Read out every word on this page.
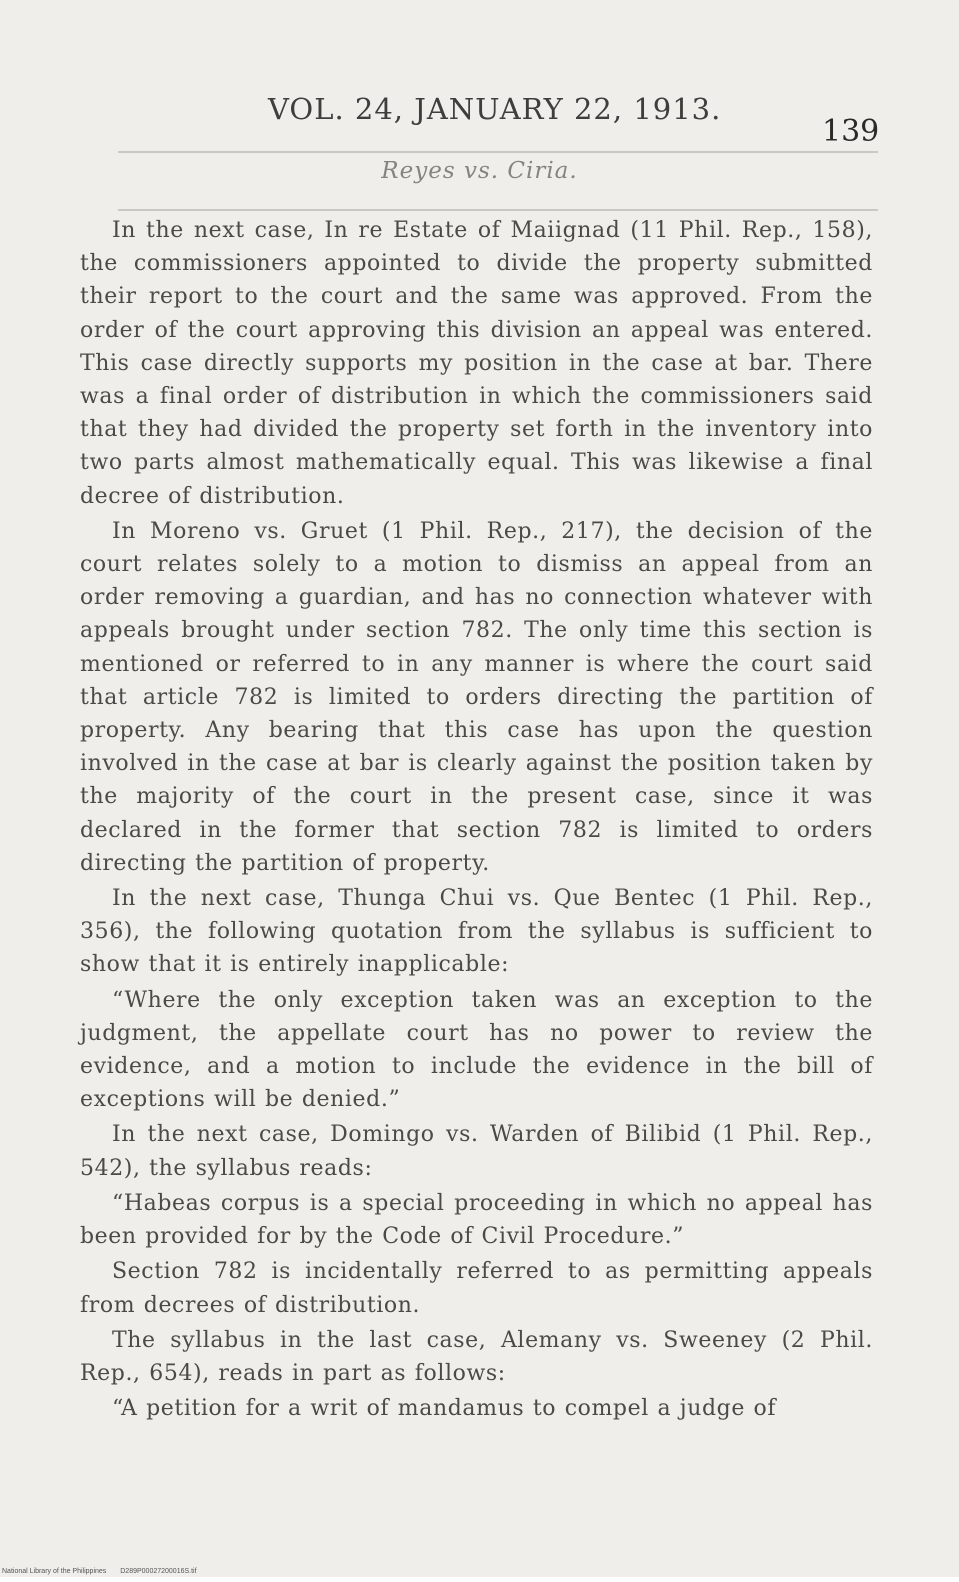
VOL. 24, JANUARY 22, 1913.
139
Reyes vs. Ciria.

In the next case, In re Estate of Maiignad (11 Phil. Rep., 158), the commissioners appointed to divide the property submitted their report to the court and the same was approved. From the order of the court approving this division an appeal was entered. This case directly supports my position in the case at bar. There was a final order of distribution in which the commissioners said that they had divided the property set forth in the inventory into two parts almost mathematically equal. This was likewise a final decree of distribution.

In Moreno vs. Gruet (1 Phil. Rep., 217), the decision of the court relates solely to a motion to dismiss an appeal from an order removing a guardian, and has no connection whatever with appeals brought under section 782. The only time this section is mentioned or referred to in any manner is where the court said that article 782 is limited to orders directing the partition of property. Any bearing that this case has upon the question involved in the case at bar is clearly against the position taken by the majority of the court in the present case, since it was declared in the former that section 782 is limited to orders directing the partition of property.

In the next case, Thunga Chui vs. Que Bentec (1 Phil. Rep., 356), the following quotation from the syllabus is sufficient to show that it is entirely inapplicable:

“Where the only exception taken was an exception to the judgment, the appellate court has no power to review the evidence, and a motion to include the evidence in the bill of exceptions will be denied.”

In the next case, Domingo vs. Warden of Bilibid (1 Phil. Rep., 542), the syllabus reads:

“Habeas corpus is a special proceeding in which no appeal has been provided for by the Code of Civil Procedure.”

Section 782 is incidentally referred to as permitting appeals from decrees of distribution.

The syllabus in the last case, Alemany vs. Sweeney (2 Phil. Rep., 654), reads in part as follows:

“A petition for a writ of mandamus to compel a judge of

National Library of the Philippines D289P00027200016S.tif
